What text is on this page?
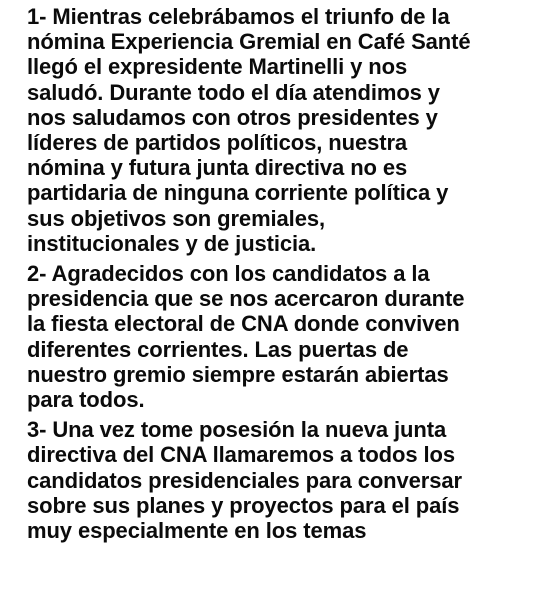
1- Mientras celebrábamos el triunfo de la
nómina Experiencia Gremial en Café Santé
llegó el expresidente Martinelli y nos
saludó. Durante todo el día atendimos y
nos saludamos con otros presidentes y
líderes de partidos políticos, nuestra
nómina y futura junta directiva no es
partidaria de ninguna corriente política y
sus objetivos son gremiales,
institucionales y de justicia.
2- Agradecidos con los candidatos a la
presidencia que se nos acercaron durante
la fiesta electoral de CNA donde conviven
diferentes corrientes. Las puertas de
nuestro gremio siempre estarán abiertas
para todos.
3- Una vez tome posesión la nueva junta
directiva del CNA llamaremos a todos los
candidatos presidenciales para conversar
sobre sus planes y proyectos para el país
muy especialmente en los temas
